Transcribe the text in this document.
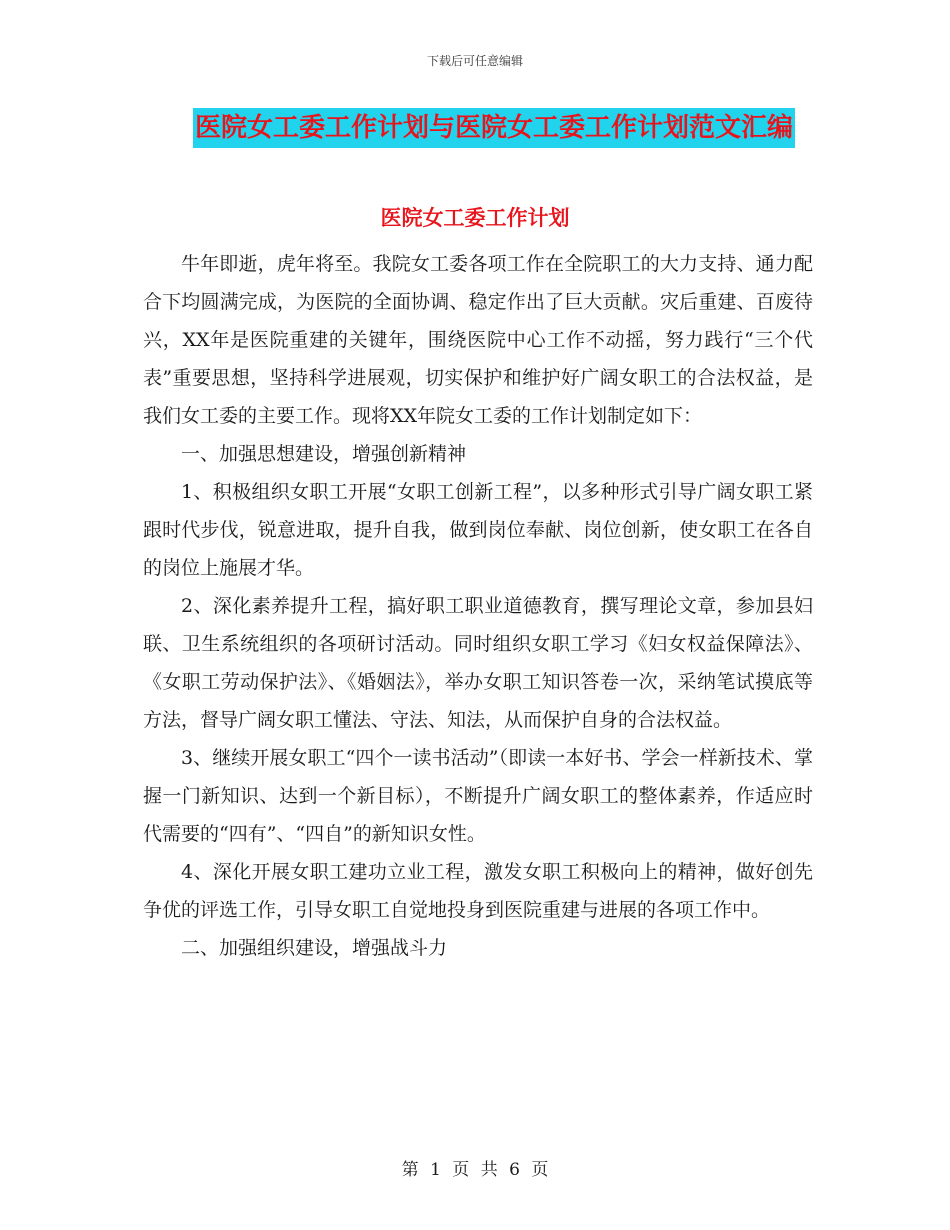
下载后可任意编辑
医院女工委工作计划与医院女工委工作计划范文汇编
医院女工委工作计划

牛年即逝，虎年将至。我院女工委各项工作在全院职工的大力支持、通力配合下均圆满完成，为医院的全面协调、稳定作出了巨大贡献。灾后重建、百废待兴，XX年是医院重建的关键年，围绕医院中心工作不动摇，努力践行“三个代表”重要思想，坚持科学进展观，切实保护和维护好广阔女职工的合法权益，是我们女工委的主要工作。现将XX年院女工委的工作计划制定如下：

一、加强思想建设，增强创新精神

1、积极组织女职工开展“女职工创新工程”，以多种形式引导广阔女职工紧跟时代步伐，锐意进取，提升自我，做到岗位奉献、岗位创新，使女职工在各自的岗位上施展才华。

2、深化素养提升工程，搞好职工职业道德教育，撰写理论文章，参加县妇联、卫生系统组织的各项研讨活动。同时组织女职工学习《妇女权益保障法》、《女职工劳动保护法》、《婚姻法》，举办女职工知识答卷一次，采纳笔试摸底等方法，督导广阔女职工懂法、守法、知法，从而保护自身的合法权益。

3、继续开展女职工“四个一读书活动”（即读一本好书、学会一样新技术、掌握一门新知识、达到一个新目标），不断提升广阔女职工的整体素养，作适应时代需要的“四有”、“四自”的新知识女性。

4、深化开展女职工建功立业工程，激发女职工积极向上的精神，做好创先争优的评选工作，引导女职工自觉地投身到医院重建与进展的各项工作中。

二、加强组织建设，增强战斗力

第 1 页 共 6 页
